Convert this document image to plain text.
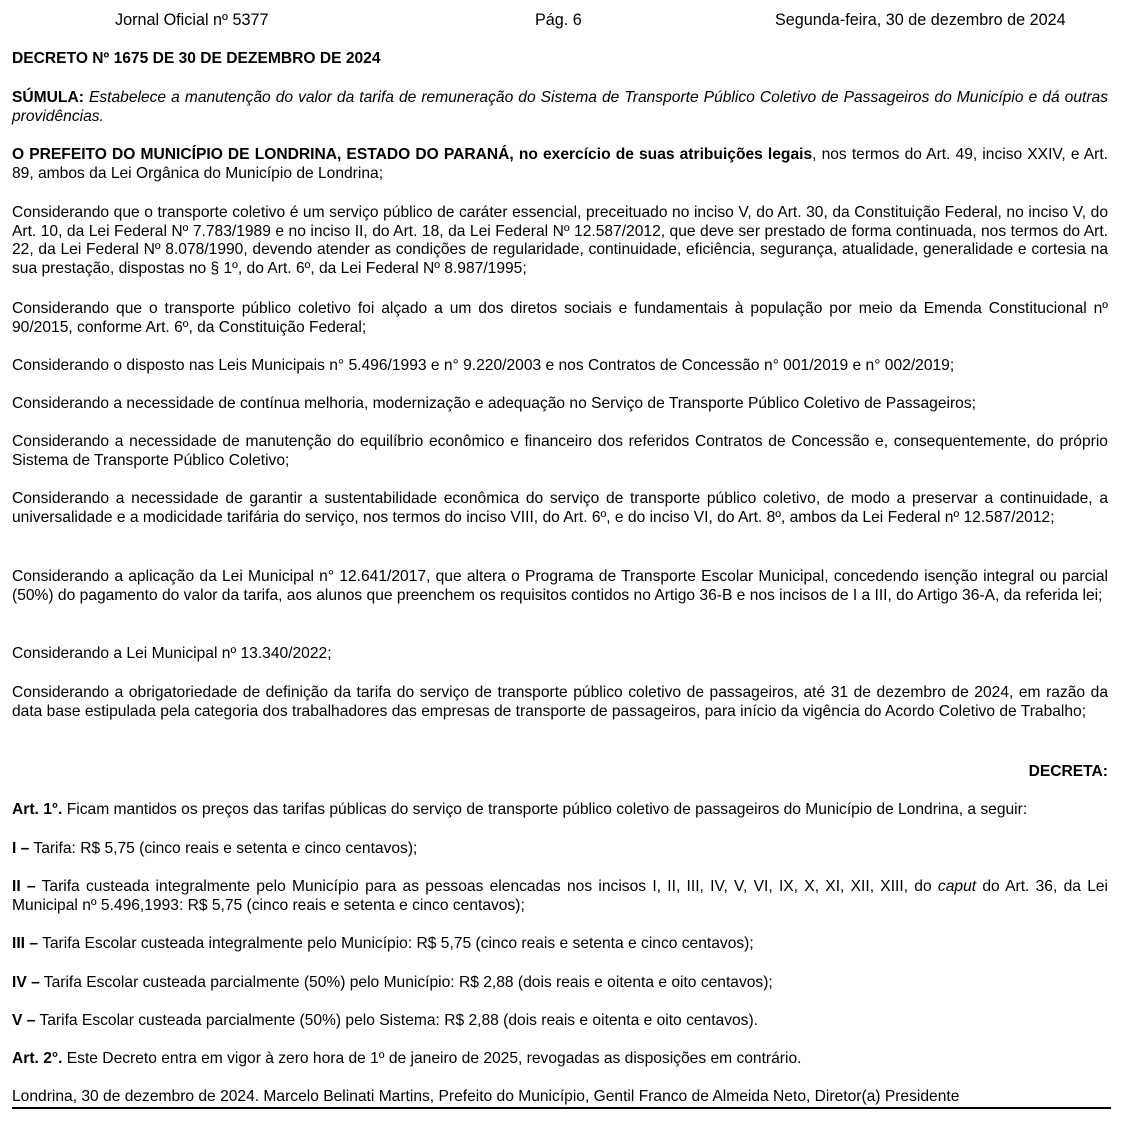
Jornal Oficial nº 5377	Pág. 6	Segunda-feira, 30 de dezembro de 2024

DECRETO Nº 1675 DE 30 DE DEZEMBRO DE 2024

SÚMULA: Estabelece a manutenção do valor da tarifa de remuneração do Sistema de Transporte Público Coletivo de Passageiros do Município e dá outras providências.

O PREFEITO DO MUNICÍPIO DE LONDRINA, ESTADO DO PARANÁ, no exercício de suas atribuições legais, nos termos do Art. 49, inciso XXIV, e Art. 89, ambos da Lei Orgânica do Município de Londrina;

Considerando que o transporte coletivo é um serviço público de caráter essencial, preceituado no inciso V, do Art. 30, da Constituição Federal, no inciso V, do Art. 10, da Lei Federal Nº 7.783/1989 e no inciso II, do Art. 18, da Lei Federal Nº 12.587/2012, que deve ser prestado de forma continuada, nos termos do Art. 22, da Lei Federal Nº 8.078/1990, devendo atender as condições de regularidade, continuidade, eficiência, segurança, atualidade, generalidade e cortesia na sua prestação, dispostas no § 1º, do Art. 6º, da Lei Federal Nº 8.987/1995;

Considerando que o transporte público coletivo foi alçado a um dos diretos sociais e fundamentais à população por meio da Emenda Constitucional nº 90/2015, conforme Art. 6º, da Constituição Federal;

Considerando o disposto nas Leis Municipais n° 5.496/1993 e n° 9.220/2003 e nos Contratos de Concessão n° 001/2019 e n° 002/2019;

Considerando a necessidade de contínua melhoria, modernização e adequação no Serviço de Transporte Público Coletivo de Passageiros;

Considerando a necessidade de manutenção do equilíbrio econômico e financeiro dos referidos Contratos de Concessão e, consequentemente, do próprio Sistema de Transporte Público Coletivo;

Considerando a necessidade de garantir a sustentabilidade econômica do serviço de transporte público coletivo, de modo a preservar a continuidade, a universalidade e a modicidade tarifária do serviço, nos termos do inciso VIII, do Art. 6º, e do inciso VI, do Art. 8º, ambos da Lei Federal nº 12.587/2012;

Considerando a aplicação da Lei Municipal n° 12.641/2017, que altera o Programa de Transporte Escolar Municipal, concedendo isenção integral ou parcial (50%) do pagamento do valor da tarifa, aos alunos que preenchem os requisitos contidos no Artigo 36-B e nos incisos de I a III, do Artigo 36-A, da referida lei;

Considerando a Lei Municipal nº 13.340/2022;

Considerando a obrigatoriedade de definição da tarifa do serviço de transporte público coletivo de passageiros, até 31 de dezembro de 2024, em razão da data base estipulada pela categoria dos trabalhadores das empresas de transporte de passageiros, para início da vigência do Acordo Coletivo de Trabalho;

DECRETA:

Art. 1°. Ficam mantidos os preços das tarifas públicas do serviço de transporte público coletivo de passageiros do Município de Londrina, a seguir:

I – Tarifa: R$ 5,75 (cinco reais e setenta e cinco centavos);

II – Tarifa custeada integralmente pelo Município para as pessoas elencadas nos incisos I, II, III, IV, V, VI, IX, X, XI, XII, XIII, do caput do Art. 36, da Lei Municipal nº 5.496,1993: R$ 5,75 (cinco reais e setenta e cinco centavos);

III – Tarifa Escolar custeada integralmente pelo Município: R$ 5,75 (cinco reais e setenta e cinco centavos);

IV – Tarifa Escolar custeada parcialmente (50%) pelo Município: R$ 2,88 (dois reais e oitenta e oito centavos);

V – Tarifa Escolar custeada parcialmente (50%) pelo Sistema: R$ 2,88 (dois reais e oitenta e oito centavos).

Art. 2°. Este Decreto entra em vigor à zero hora de 1º de janeiro de 2025, revogadas as disposições em contrário.

Londrina, 30 de dezembro de 2024. Marcelo Belinati Martins, Prefeito do Município, Gentil Franco de Almeida Neto, Diretor(a) Presidente
